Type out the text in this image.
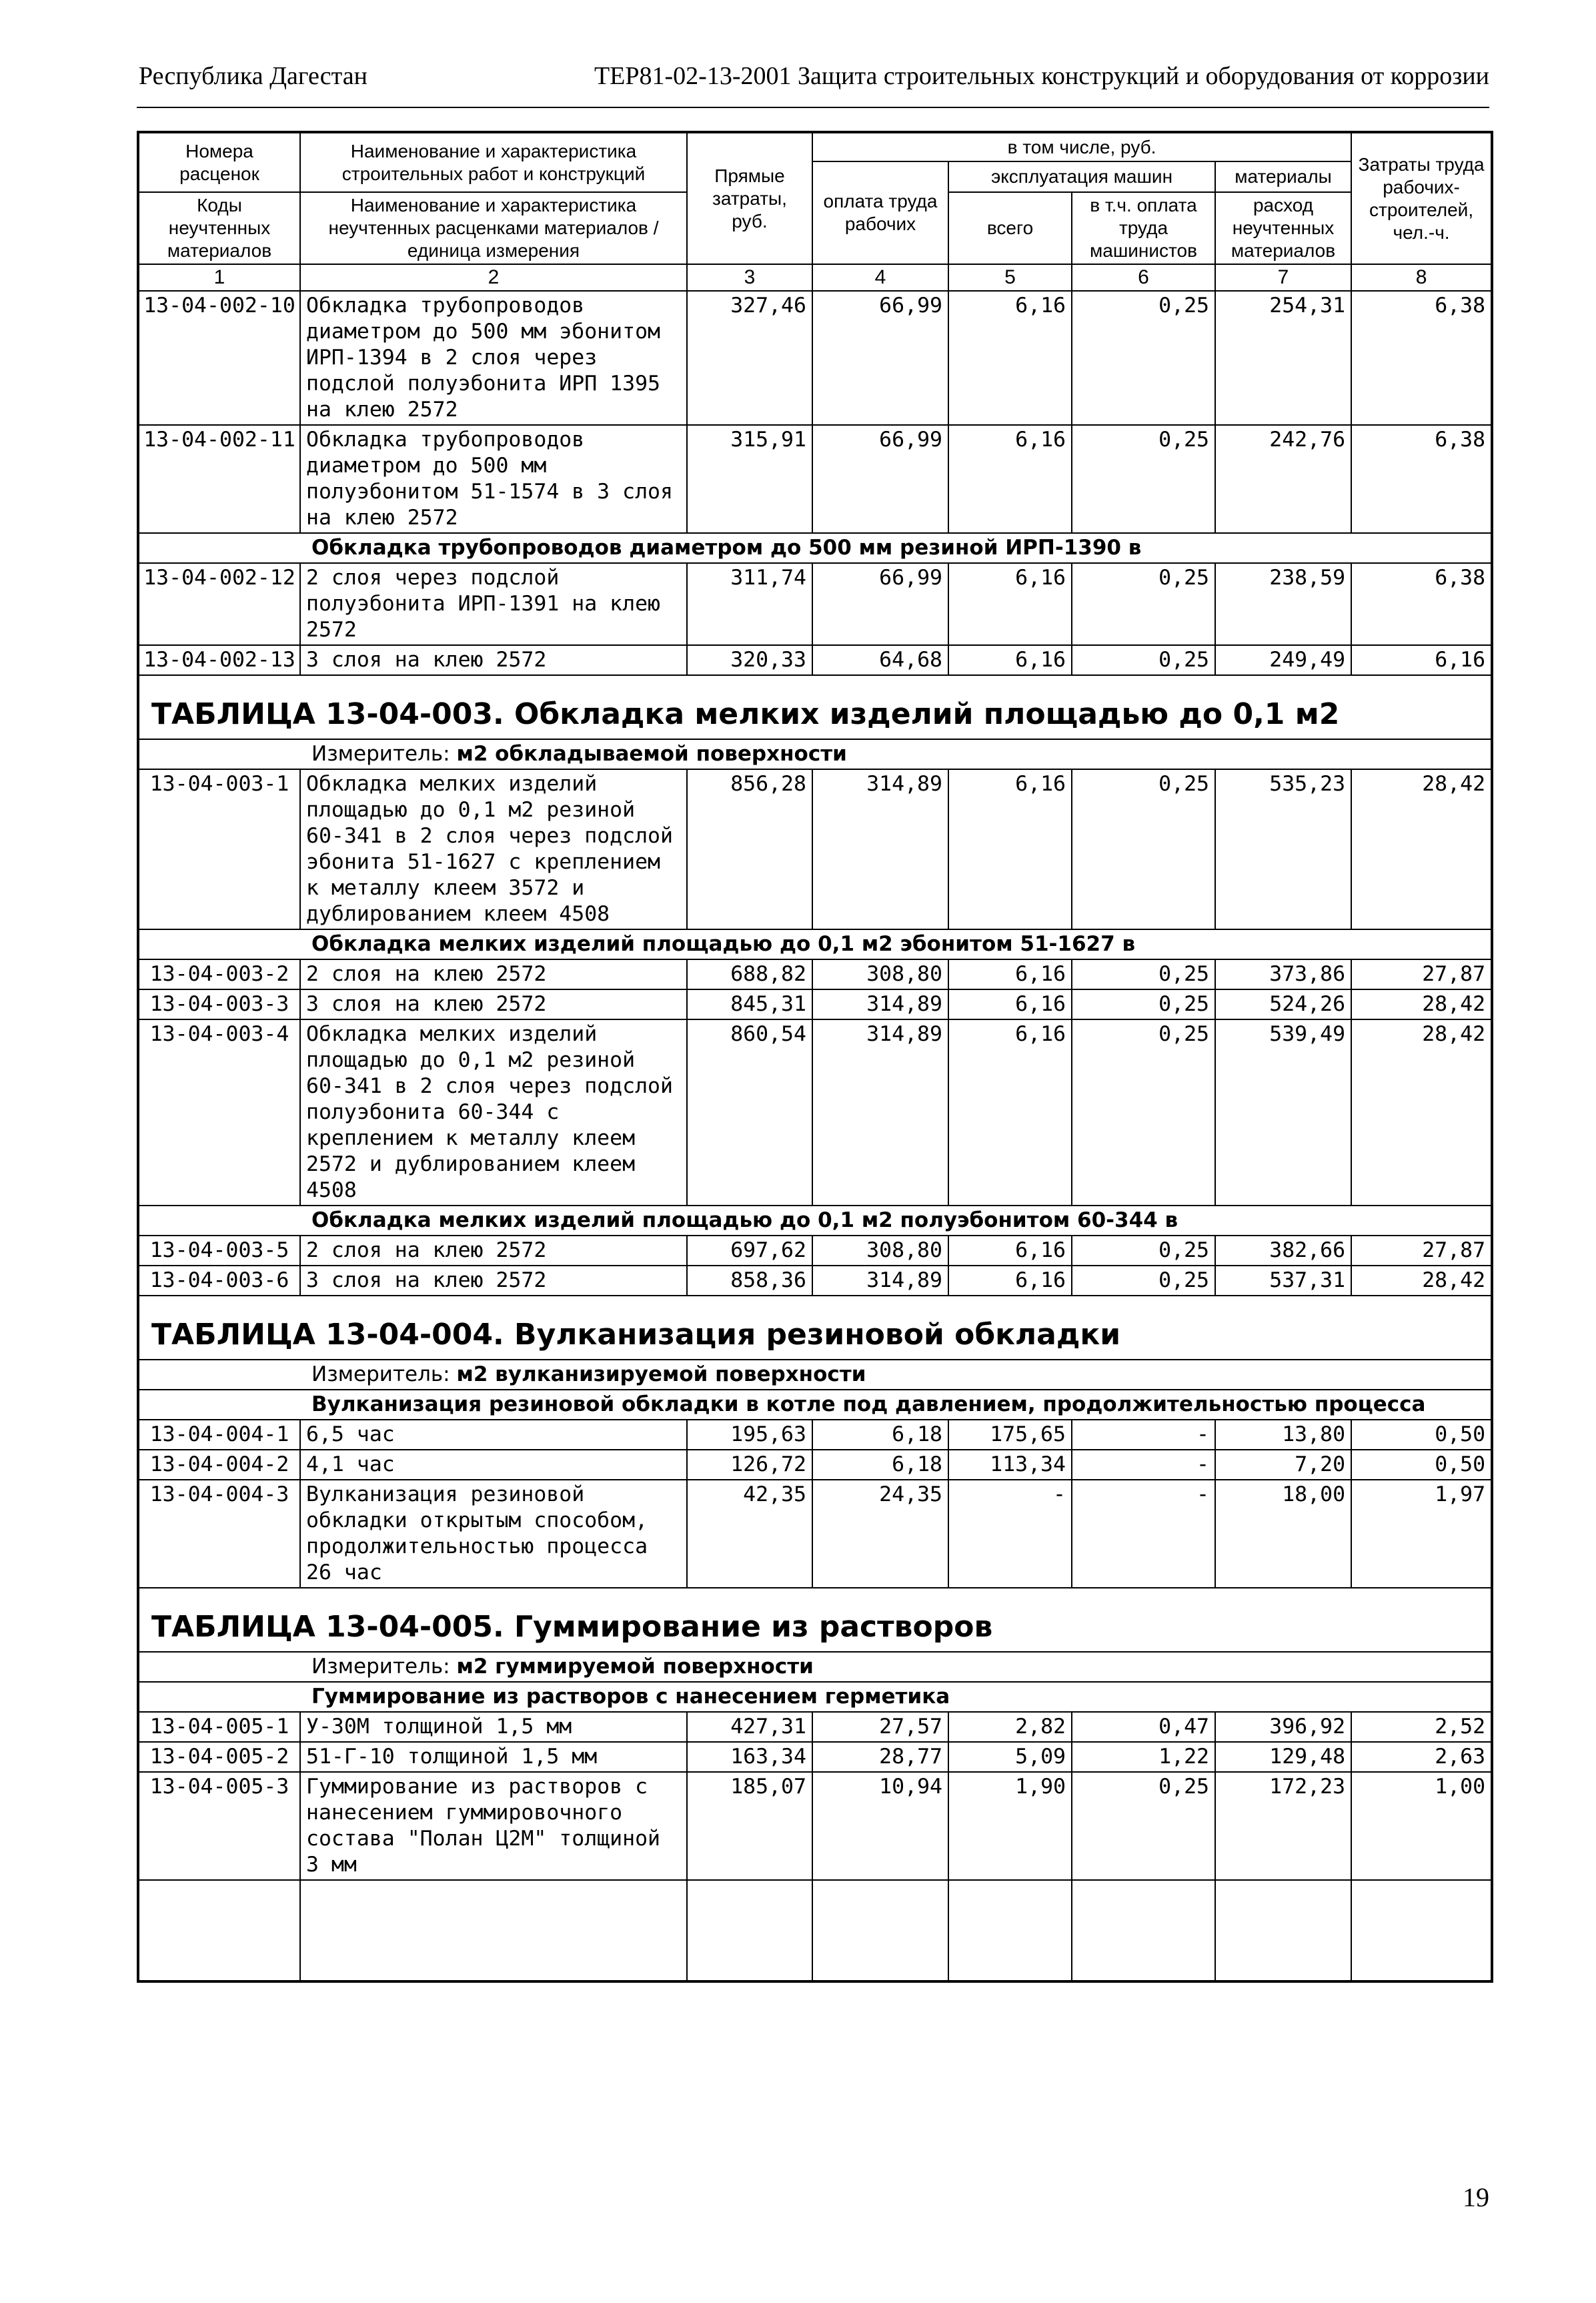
Республика Дагестан	ТЕР81-02-13-2001 Защита строительных конструкций и оборудования от коррозии
Номера расценок	Наименование и характеристика строительных работ и конструкций	Прямые затраты, руб.	в том числе, руб.				Затраты труда рабочих-строителей, чел.-ч.
			оплата труда рабочих	эксплуатация машин		материалы	
Коды неучтенных материалов	Наименование и характеристика неучтенных расценками материалов / единица измерения			всего	в т.ч. оплата труда машинистов	расход неучтенных материалов	

1	2	3	4	5	6	7	8
13-04-002-10	Обкладка трубопроводов диаметром до 500 мм эбонитом ИРП-1394 в 2 слоя через подслой полуэбонита ИРП 1395 на клею 2572	327,46	66,99	6,16	0,25	254,31	6,38
13-04-002-11	Обкладка трубопроводов диаметром до 500 мм полуэбонитом 51-1574 в 3 слоя на клею 2572	315,91	66,99	6,16	0,25	242,76	6,38
Обкладка трубопроводов диаметром до 500 мм резиной ИРП-1390 в							
13-04-002-12	2 слоя через подслой полуэбонита ИРП-1391 на клею 2572	311,74	66,99	6,16	0,25	238,59	6,38
13-04-002-13	3 слоя на клею 2572	320,33	64,68	6,16	0,25	249,49	6,16
ТАБЛИЦА 13-04-003. Обкладка мелких изделий площадью до 0,1 м2							
Измеритель: м2 обкладываемой поверхности							
13-04-003-1	Обкладка мелких изделий площадью до 0,1 м2 резиной 60-341 в 2 слоя через подслой эбонита 51-1627 с креплением к металлу клеем 3572 и дублированием клеем 4508	856,28	314,89	6,16	0,25	535,23	28,42
Обкладка мелких изделий площадью до 0,1 м2 эбонитом 51-1627 в							
13-04-003-2	2 слоя на клею 2572	688,82	308,80	6,16	0,25	373,86	27,87
13-04-003-3	3 слоя на клею 2572	845,31	314,89	6,16	0,25	524,26	28,42
13-04-003-4	Обкладка мелких изделий площадью до 0,1 м2 резиной 60-341 в 2 слоя через подслой полуэбонита 60-344 с креплением к металлу клеем 2572 и дублированием клеем 4508	860,54	314,89	6,16	0,25	539,49	28,42
Обкладка мелких изделий площадью до 0,1 м2 полуэбонитом 60-344 в							
13-04-003-5	2 слоя на клею 2572	697,62	308,80	6,16	0,25	382,66	27,87
13-04-003-6	3 слоя на клею 2572	858,36	314,89	6,16	0,25	537,31	28,42
ТАБЛИЦА 13-04-004. Вулканизация резиновой обкладки							
Измеритель: м2 вулканизируемой поверхности							
Вулканизация резиновой обкладки в котле под давлением, продолжительностью процесса							
13-04-004-1	6,5 час	195,63	6,18	175,65	-	13,80	0,50
13-04-004-2	4,1 час	126,72	6,18	113,34	-	7,20	0,50
13-04-004-3	Вулканизация резиновой обкладки открытым способом, продолжительностью процесса 26 час	42,35	24,35	-	-	18,00	1,97
ТАБЛИЦА 13-04-005. Гуммирование из растворов							
Измеритель: м2 гуммируемой поверхности							
Гуммирование из растворов с нанесением герметика							
13-04-005-1	У-30М толщиной 1,5 мм	427,31	27,57	2,82	0,47	396,92	2,52
13-04-005-2	51-Г-10 толщиной 1,5 мм	163,34	28,77	5,09	1,22	129,48	2,63
13-04-005-3	Гуммирование из растворов с нанесением гуммировочного состава "Полан Ц2М" толщиной 3 мм	185,07	10,94	1,90	0,25	172,23	1,00

19
